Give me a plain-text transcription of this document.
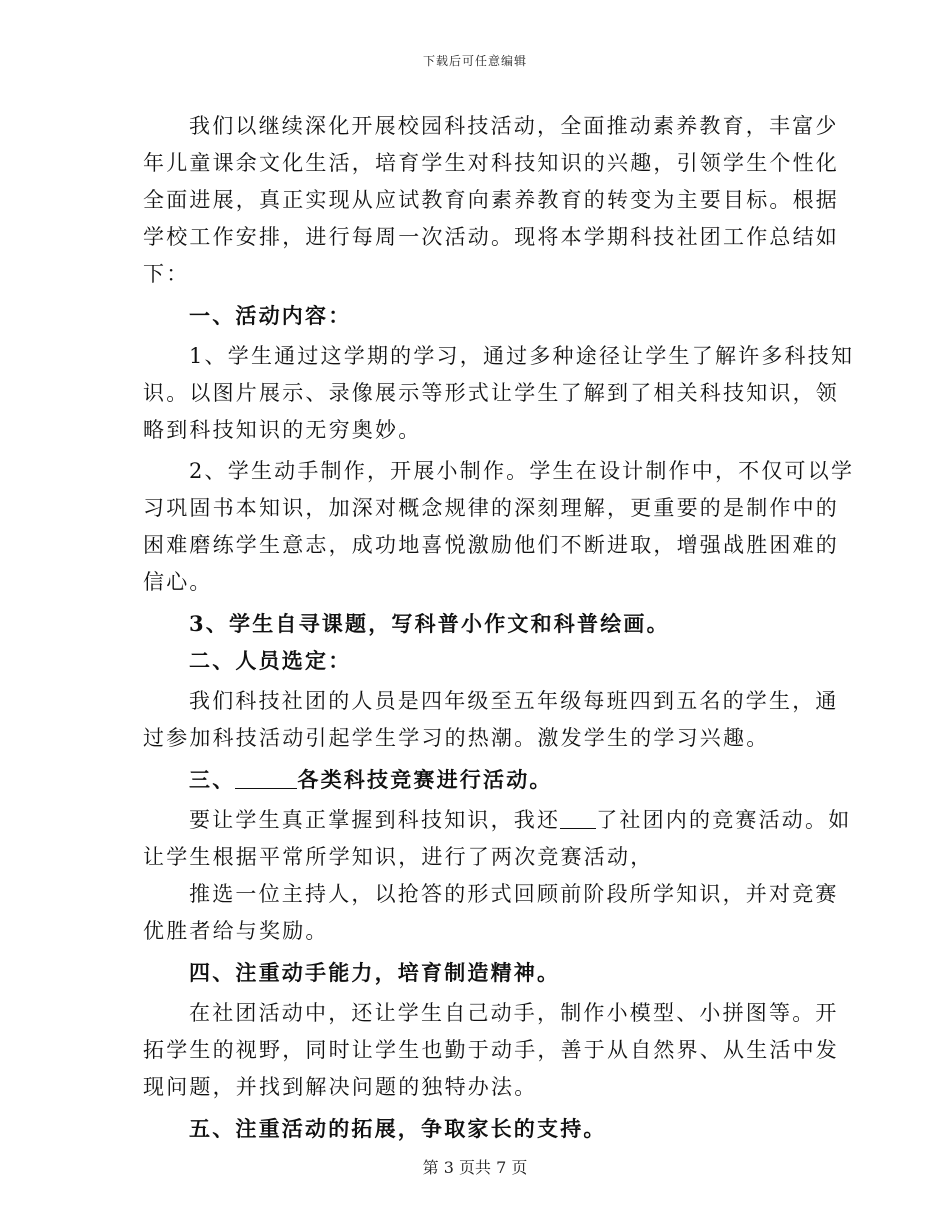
下载后可任意编辑
我们以继续深化开展校园科技活动，全面推动素养教育，丰富少
年儿童课余文化生活，培育学生对科技知识的兴趣，引领学生个性化
全面进展，真正实现从应试教育向素养教育的转变为主要目标。根据
学校工作安排，进行每周一次活动。现将本学期科技社团工作总结如
下：
一、活动内容：
1、学生通过这学期的学习，通过多种途径让学生了解许多科技知
识。以图片展示、录像展示等形式让学生了解到了相关科技知识，领
略到科技知识的无穷奥妙。
2、学生动手制作，开展小制作。学生在设计制作中，不仅可以学
习巩固书本知识，加深对概念规律的深刻理解，更重要的是制作中的
困难磨练学生意志，成功地喜悦激励他们不断进取，增强战胜困难的
信心。
3、学生自寻课题，写科普小作文和科普绘画。
二、人员选定：
我们科技社团的人员是四年级至五年级每班四到五名的学生，通
过参加科技活动引起学生学习的热潮。激发学生的学习兴趣。
三、	各类科技竞赛进行活动。
要让学生真正掌握到科技知识，我还 了社团内的竞赛活动。如
让学生根据平常所学知识，进行了两次竞赛活动，
推选一位主持人，以抢答的形式回顾前阶段所学知识，并对竞赛
优胜者给与奖励。
四、注重动手能力，培育制造精神。
在社团活动中，还让学生自己动手，制作小模型、小拼图等。开
拓学生的视野，同时让学生也勤于动手，善于从自然界、从生活中发
现问题，并找到解决问题的独特办法。
五、注重活动的拓展，争取家长的支持。
第 3 页共 7 页
